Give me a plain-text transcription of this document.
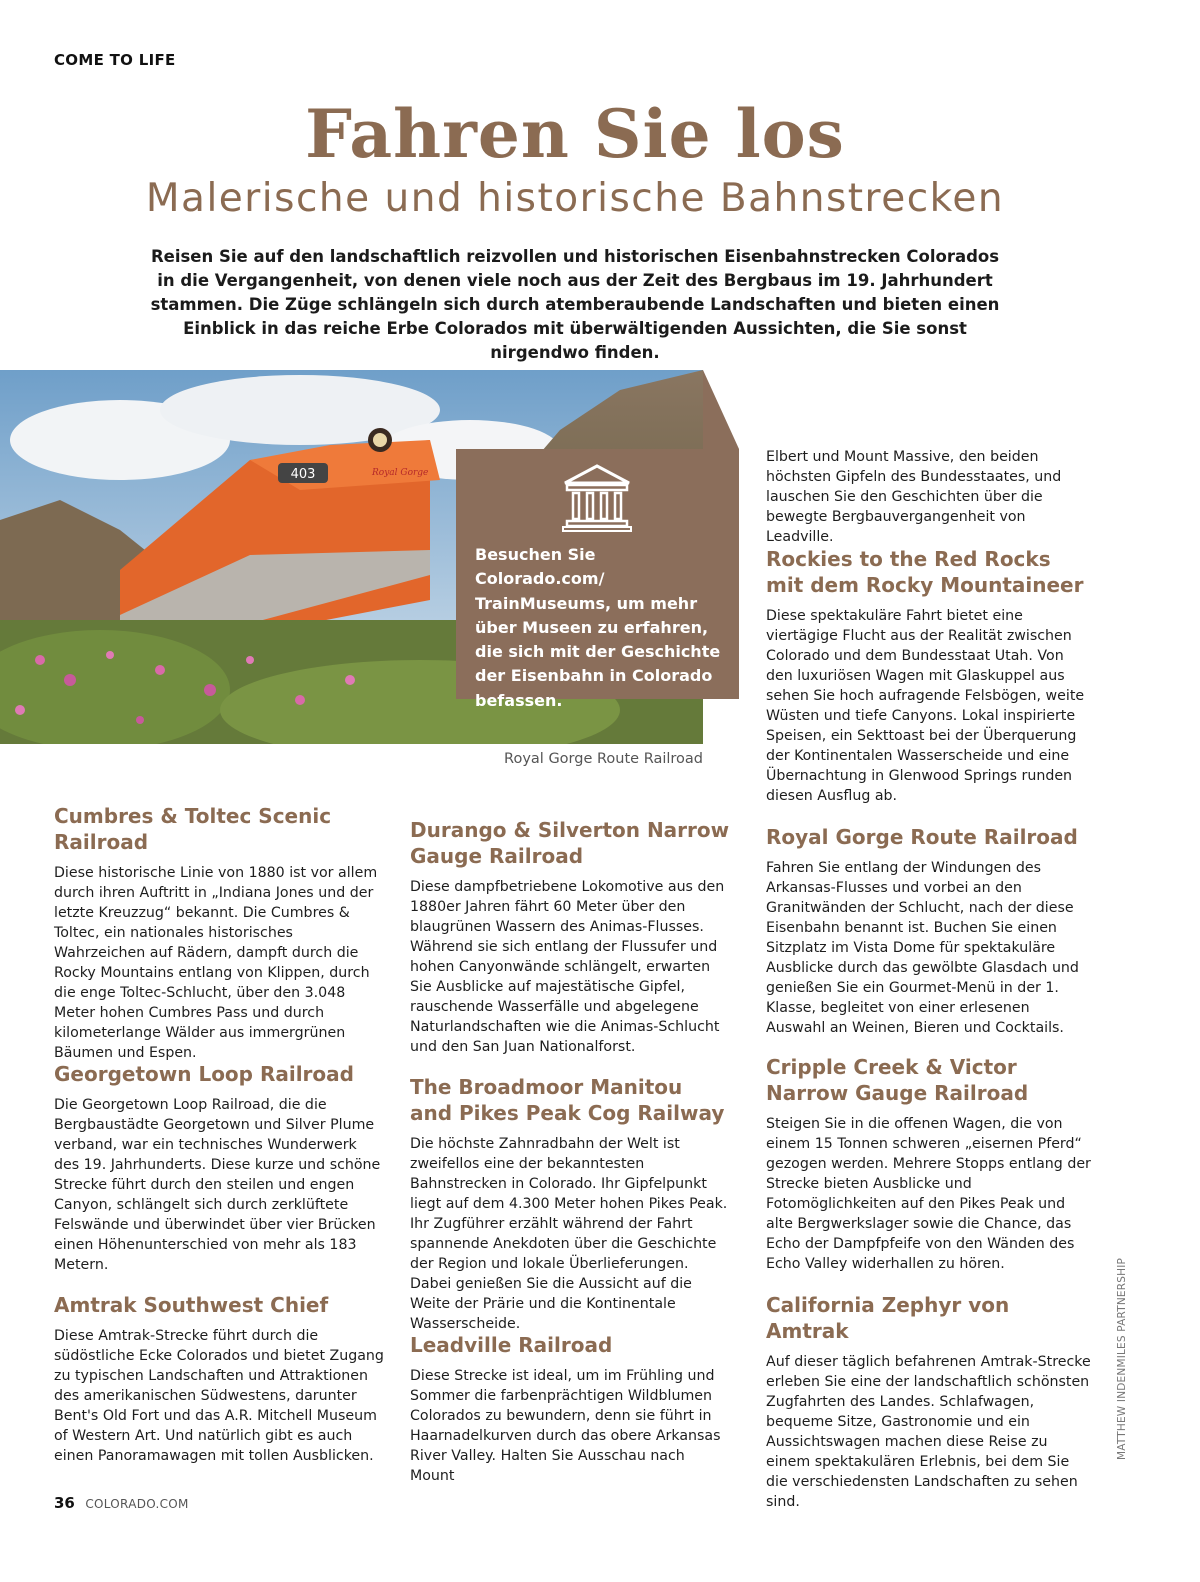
COME TO LIFE
Fahren Sie los
Malerische und historische Bahnstrecken

Reisen Sie auf den landschaftlich reizvollen und historischen Eisenbahnstrecken Colorados in die Vergangenheit, von denen viele noch aus der Zeit des Bergbaus im 19. Jahrhundert stammen. Die Züge schlängeln sich durch atemberaubende Landschaften und bieten einen Einblick in das reiche Erbe Colorados mit überwältigenden Aussichten, die Sie sonst nirgendwo finden.

403	Royal Gorge
Besuchen Sie Colorado.com/ TrainMuseums, um mehr über Museen zu erfahren, die sich mit der Geschichte der Eisenbahn in Colorado befassen.
Royal Gorge Route Railroad
Cumbres & Toltec Scenic Railroad

Diese historische Linie von 1880 ist vor allem durch ihren Auftritt in „Indiana Jones und der letzte Kreuzzug“ bekannt. Die Cumbres & Toltec, ein nationales historisches Wahrzeichen auf Rädern, dampft durch die Rocky Mountains entlang von Klippen, durch die enge Toltec-Schlucht, über den 3.048 Meter hohen Cumbres Pass und durch kilometerlange Wälder aus immergrünen Bäumen und Espen.

Georgetown Loop Railroad

Die Georgetown Loop Railroad, die die Bergbaustädte Georgetown und Silver Plume verband, war ein technisches Wunderwerk des 19. Jahrhunderts. Diese kurze und schöne Strecke führt durch den steilen und engen Canyon, schlängelt sich durch zerklüftete Felswände und überwindet über vier Brücken einen Höhenunterschied von mehr als 183 Metern.

Amtrak Southwest Chief

Diese Amtrak-Strecke führt durch die südöstliche Ecke Colorados und bietet Zugang zu typischen Landschaften und Attraktionen des amerikanischen Südwestens, darunter Bent's Old Fort und das A.R. Mitchell Museum of Western Art. Und natürlich gibt es auch einen Panoramawagen mit tollen Ausblicken.

Durango & Silverton Narrow Gauge Railroad

Diese dampfbetriebene Lokomotive aus den 1880er Jahren fährt 60 Meter über den blaugrünen Wassern des Animas-Flusses. Während sie sich entlang der Flussufer und hohen Canyonwände schlängelt, erwarten Sie Ausblicke auf majestätische Gipfel, rauschende Wasserfälle und abgelegene Naturlandschaften wie die Animas-Schlucht und den San Juan Nationalforst.

The Broadmoor Manitou and Pikes Peak Cog Railway

Die höchste Zahnradbahn der Welt ist zweifellos eine der bekanntesten Bahnstrecken in Colorado. Ihr Gipfelpunkt liegt auf dem 4.300 Meter hohen Pikes Peak. Ihr Zugführer erzählt während der Fahrt spannende Anekdoten über die Geschichte der Region und lokale Überlieferungen. Dabei genießen Sie die Aussicht auf die Weite der Prärie und die Kontinentale Wasserscheide.

Leadville Railroad

Diese Strecke ist ideal, um im Frühling und Sommer die farbenprächtigen Wildblumen Colorados zu bewundern, denn sie führt in Haarnadelkurven durch das obere Arkansas River Valley. Halten Sie Ausschau nach Mount

Elbert und Mount Massive, den beiden höchsten Gipfeln des Bundesstaates, und lauschen Sie den Geschichten über die bewegte Bergbauvergangenheit von Leadville.

Rockies to the Red Rocks mit dem Rocky Mountaineer

Diese spektakuläre Fahrt bietet eine viertägige Flucht aus der Realität zwischen Colorado und dem Bundesstaat Utah. Von den luxuriösen Wagen mit Glaskuppel aus sehen Sie hoch aufragende Felsbögen, weite Wüsten und tiefe Canyons. Lokal inspirierte Speisen, ein Sekttoast bei der Überquerung der Kontinentalen Wasserscheide und eine Übernachtung in Glenwood Springs runden diesen Ausflug ab.

Royal Gorge Route Railroad

Fahren Sie entlang der Windungen des Arkansas-Flusses und vorbei an den Granitwänden der Schlucht, nach der diese Eisenbahn benannt ist. Buchen Sie einen Sitzplatz im Vista Dome für spektakuläre Ausblicke durch das gewölbte Glasdach und genießen Sie ein Gourmet-Menü in der 1. Klasse, begleitet von einer erlesenen Auswahl an Weinen, Bieren und Cocktails.

Cripple Creek & Victor Narrow Gauge Railroad

Steigen Sie in die offenen Wagen, die von einem 15 Tonnen schweren „eisernen Pferd“ gezogen werden. Mehrere Stopps entlang der Strecke bieten Ausblicke und Fotomöglichkeiten auf den Pikes Peak und alte Bergwerkslager sowie die Chance, das Echo der Dampfpfeife von den Wänden des Echo Valley widerhallen zu hören.

California Zephyr von Amtrak

Auf dieser täglich befahrenen Amtrak-Strecke erleben Sie eine der landschaftlich schönsten Zugfahrten des Landes. Schlafwagen, bequeme Sitze, Gastronomie und ein Aussichtswagen machen diese Reise zu einem spektakulären Erlebnis, bei dem Sie die verschiedensten Landschaften zu sehen sind.

MATTHEW INDENMILES PARTNERSHIP
36 COLORADO.COM
